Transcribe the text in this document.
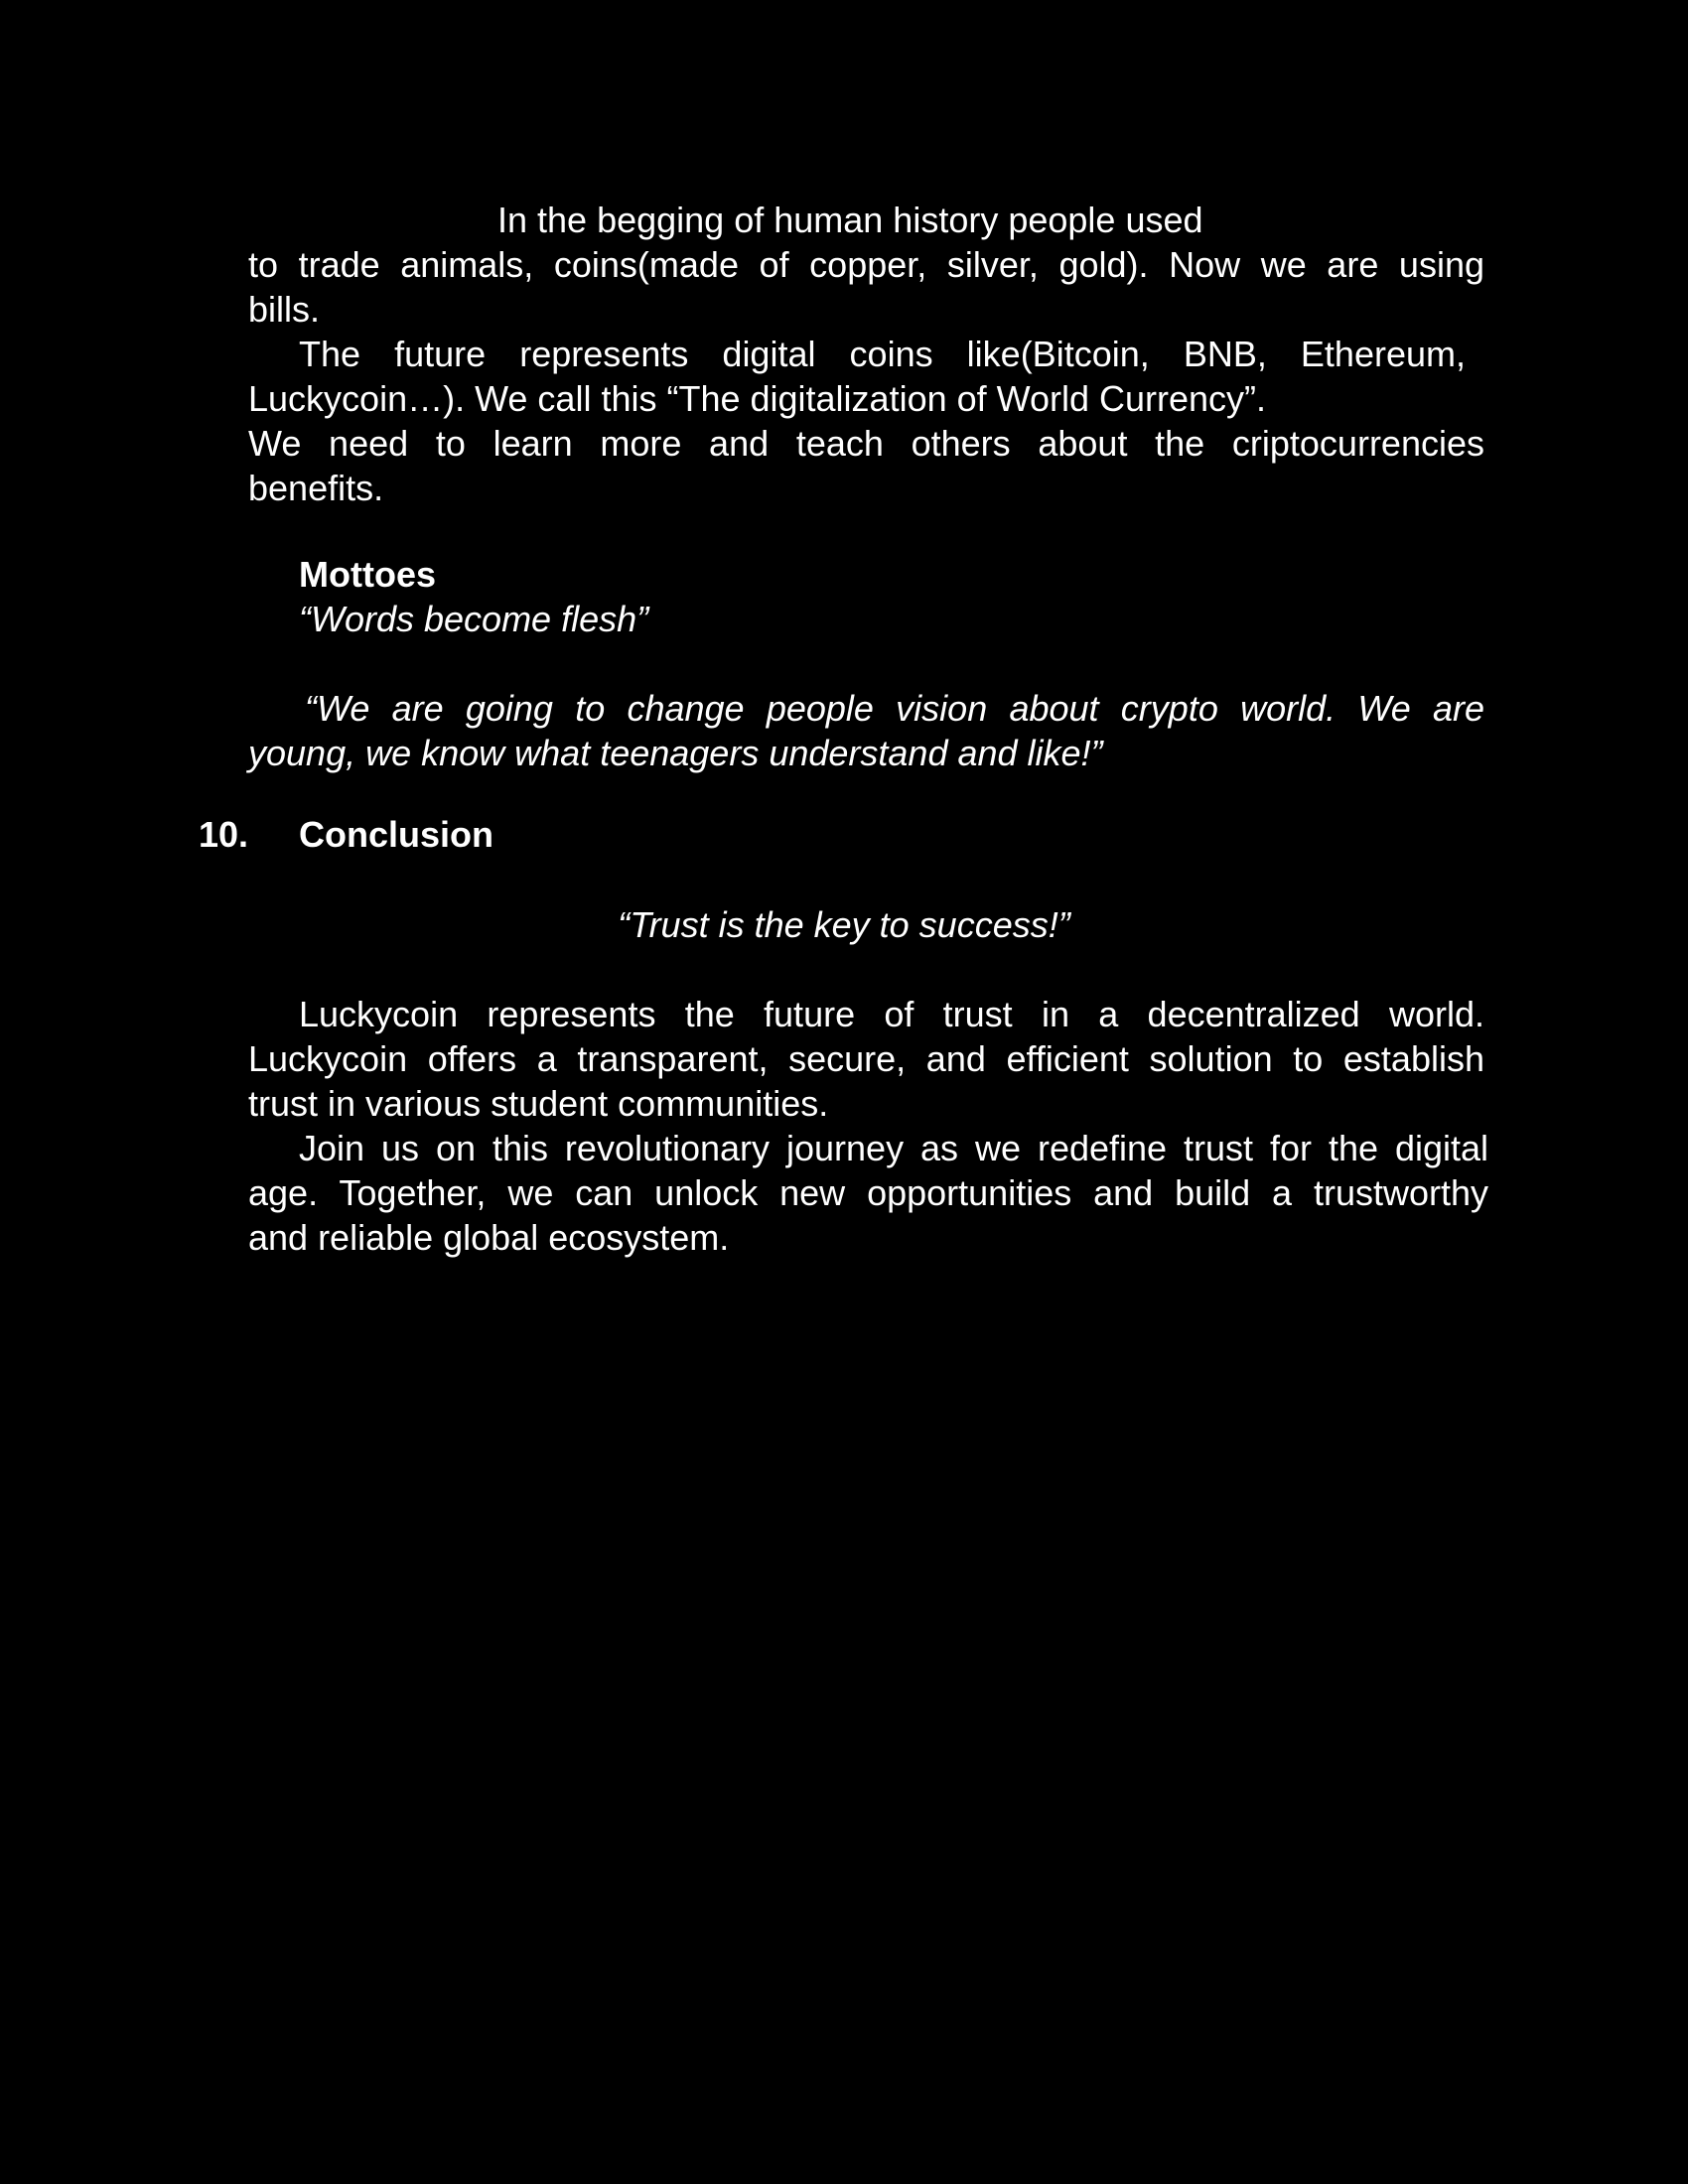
In the begging of human history people used
to trade animals, coins(made of copper, silver, gold). Now we are using
bills.
The future represents digital coins like(Bitcoin, BNB, Ethereum,
Luckycoin…). We call this “The digitalization of World Currency”.
We need to learn more and teach others about the criptocurrencies
benefits.
Mottoes
“Words become flesh”
“We are going to change people vision about crypto world. We are
young, we know what teenagers understand and like!”
10. Conclusion
“Trust is the key to success!”
Luckycoin represents the future of trust in a decentralized world.
Luckycoin offers a transparent, secure, and efficient solution to establish
trust in various student communities.
Join us on this revolutionary journey as we redefine trust for the digital
age. Together, we can unlock new opportunities and build a trustworthy
and reliable global ecosystem.
